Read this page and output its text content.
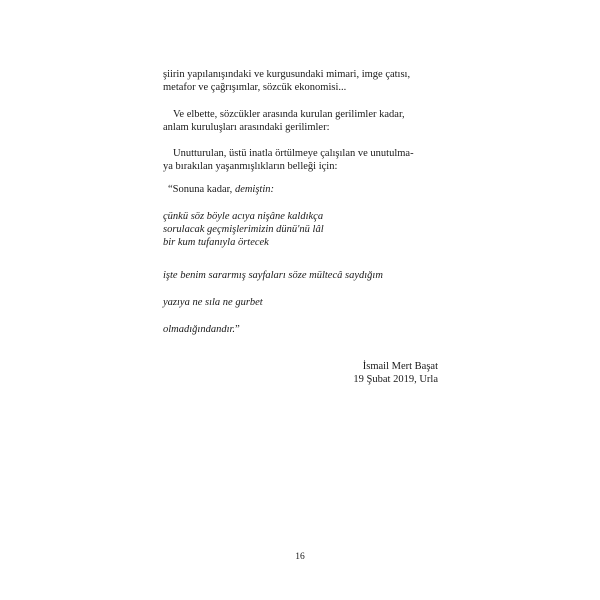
şiirin yapılanışındaki ve kurgusundaki mimari, imge çatısı,
metafor ve çağrışımlar, sözcük ekonomisi...
Ve elbette, sözcükler arasında kurulan gerilimler kadar,
anlam kuruluşları arasındaki gerilimler:
Unutturulan, üstü inatla örtülmeye çalışılan ve unutulma-
ya bırakılan yaşanmışlıkların belleği için:
“Sonuna kadar, demiştin:
çünkü söz böyle acıya nişâne kaldıkça
sorulacak geçmişlerimizin dünü'nü lâl
bir kum tufanıyla örtecek
işte benim sararmış sayfaları söze mültecâ saydığım
yazıya ne sıla ne gurbet
olmadığındandır.”
İsmail Mert Başat
19 Şubat 2019, Urla
16
